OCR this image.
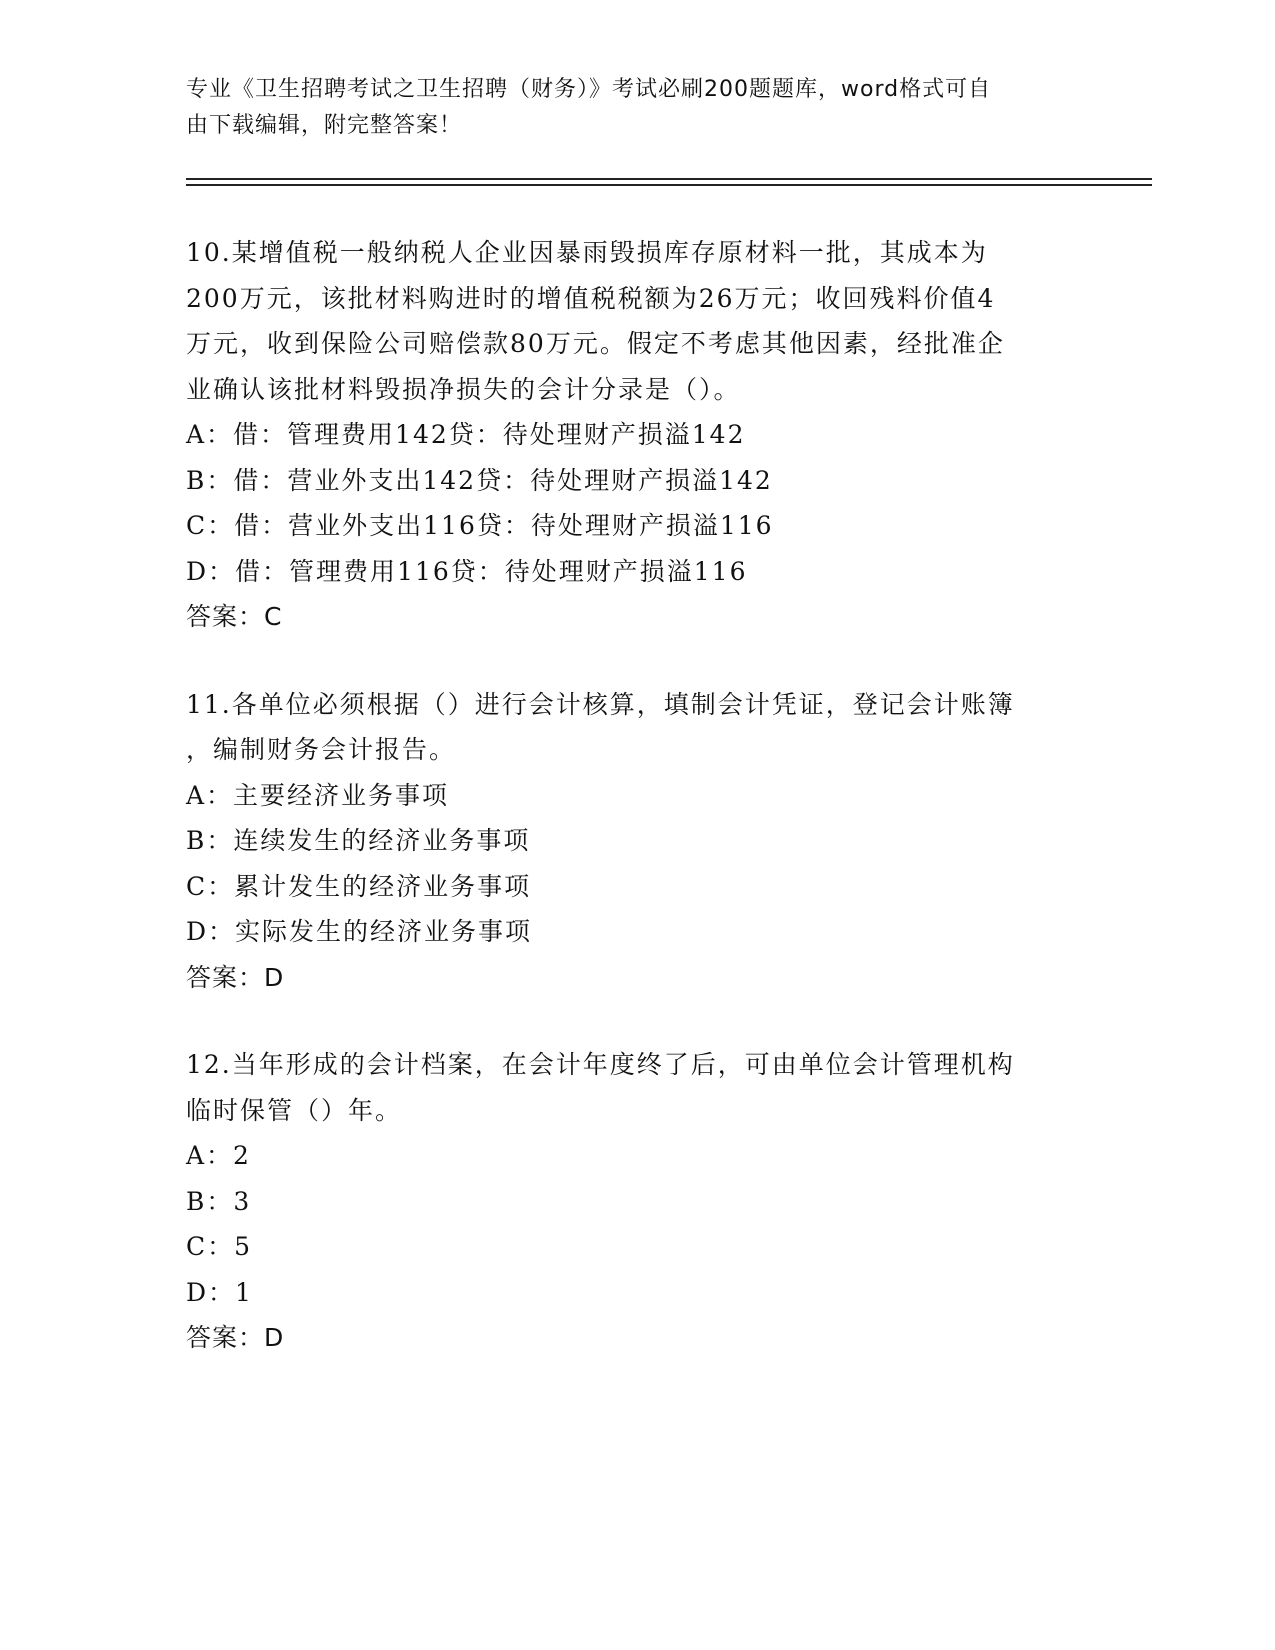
专业《卫生招聘考试之卫生招聘（财务）》考试必刷200题题库，word格式可自
由下载编辑，附完整答案！

10.某增值税一般纳税人企业因暴雨毁损库存原材料一批，其成本为

200万元，该批材料购进时的增值税税额为26万元；收回残料价值4

万元，收到保险公司赔偿款80万元。假定不考虑其他因素，经批准企

业确认该批材料毁损净损失的会计分录是（）。

A：借：管理费用142贷：待处理财产损溢142

B：借：营业外支出142贷：待处理财产损溢142

C：借：营业外支出116贷：待处理财产损溢116

D：借：管理费用116贷：待处理财产损溢116

答案：C

11.各单位必须根据（）进行会计核算，填制会计凭证，登记会计账簿

，编制财务会计报告。

A：主要经济业务事项

B：连续发生的经济业务事项

C：累计发生的经济业务事项

D：实际发生的经济业务事项

答案：D

12.当年形成的会计档案，在会计年度终了后，可由单位会计管理机构

临时保管（）年。

A：2

B：3

C：5

D：1

答案：D
